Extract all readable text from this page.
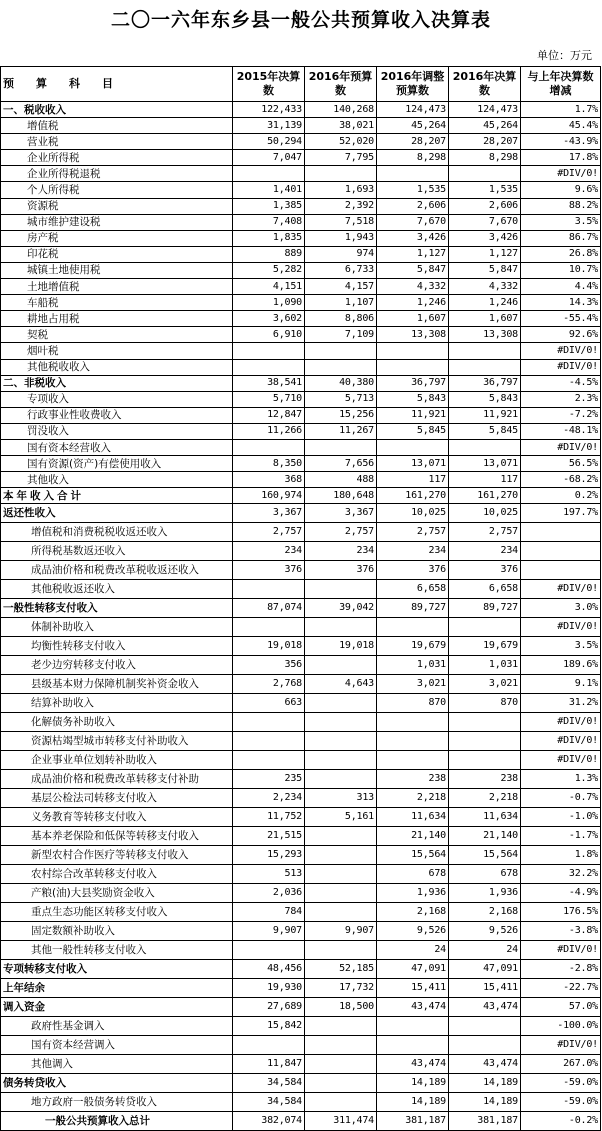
二〇一六年东乡县一般公共预算收入决算表
单位：万元
预　　算　　科　　目	2015年决算数	2016年预算数	2016年调整预算数	2016年决算数	与上年决算数增减
一、税收收入	122,433	140,268	124,473	124,473	1.7%
增值税	31,139	38,021	45,264	45,264	45.4%
营业税	50,294	52,020	28,207	28,207	-43.9%
企业所得税	7,047	7,795	8,298	8,298	17.8%
企业所得税退税					#DIV/0!
个人所得税	1,401	1,693	1,535	1,535	9.6%
资源税	1,385	2,392	2,606	2,606	88.2%
城市维护建设税	7,408	7,518	7,670	7,670	3.5%
房产税	1,835	1,943	3,426	3,426	86.7%
印花税	889	974	1,127	1,127	26.8%
城镇土地使用税	5,282	6,733	5,847	5,847	10.7%
土地增值税	4,151	4,157	4,332	4,332	4.4%
车船税	1,090	1,107	1,246	1,246	14.3%
耕地占用税	3,602	8,806	1,607	1,607	-55.4%
契税	6,910	7,109	13,308	13,308	92.6%
烟叶税					#DIV/0!
其他税收收入					#DIV/0!
二、非税收入	38,541	40,380	36,797	36,797	-4.5%
专项收入	5,710	5,713	5,843	5,843	2.3%
行政事业性收费收入	12,847	15,256	11,921	11,921	-7.2%
罚没收入	11,266	11,267	5,845	5,845	-48.1%
国有资本经营收入					#DIV/0!
国有资源(资产)有偿使用收入	8,350	7,656	13,071	13,071	56.5%
其他收入	368	488	117	117	-68.2%
本年收入合计	160,974	180,648	161,270	161,270	0.2%
返还性收入	3,367	3,367	10,025	10,025	197.7%
增值税和消费税税收返还收入	2,757	2,757	2,757	2,757	
所得税基数返还收入	234	234	234	234	
成品油价格和税费改革税收返还收入	376	376	376	376	
其他税收返还收入			6,658	6,658	#DIV/0!
一般性转移支付收入	87,074	39,042	89,727	89,727	3.0%
体制补助收入					#DIV/0!
均衡性转移支付收入	19,018	19,018	19,679	19,679	3.5%
老少边穷转移支付收入	356		1,031	1,031	189.6%
县级基本财力保障机制奖补资金收入	2,768	4,643	3,021	3,021	9.1%
结算补助收入	663		870	870	31.2%
化解债务补助收入					#DIV/0!
资源枯竭型城市转移支付补助收入					#DIV/0!
企业事业单位划转补助收入					#DIV/0!
成品油价格和税费改革转移支付补助	235		238	238	1.3%
基层公检法司转移支付收入	2,234	313	2,218	2,218	-0.7%
义务教育等转移支付收入	11,752	5,161	11,634	11,634	-1.0%
基本养老保险和低保等转移支付收入	21,515		21,140	21,140	-1.7%
新型农村合作医疗等转移支付收入	15,293		15,564	15,564	1.8%
农村综合改革转移支付收入	513		678	678	32.2%
产粮(油)大县奖励资金收入	2,036		1,936	1,936	-4.9%
重点生态功能区转移支付收入	784		2,168	2,168	176.5%
固定数额补助收入	9,907	9,907	9,526	9,526	-3.8%
其他一般性转移支付收入			24	24	#DIV/0!
专项转移支付收入	48,456	52,185	47,091	47,091	-2.8%
上年结余	19,930	17,732	15,411	15,411	-22.7%
调入资金	27,689	18,500	43,474	43,474	57.0%
政府性基金调入	15,842				-100.0%
国有资本经营调入					#DIV/0!
其他调入	11,847		43,474	43,474	267.0%
债务转贷收入	34,584		14,189	14,189	-59.0%
地方政府一般债务转贷收入	34,584		14,189	14,189	-59.0%
一般公共预算收入总计	382,074	311,474	381,187	381,187	-0.2%
